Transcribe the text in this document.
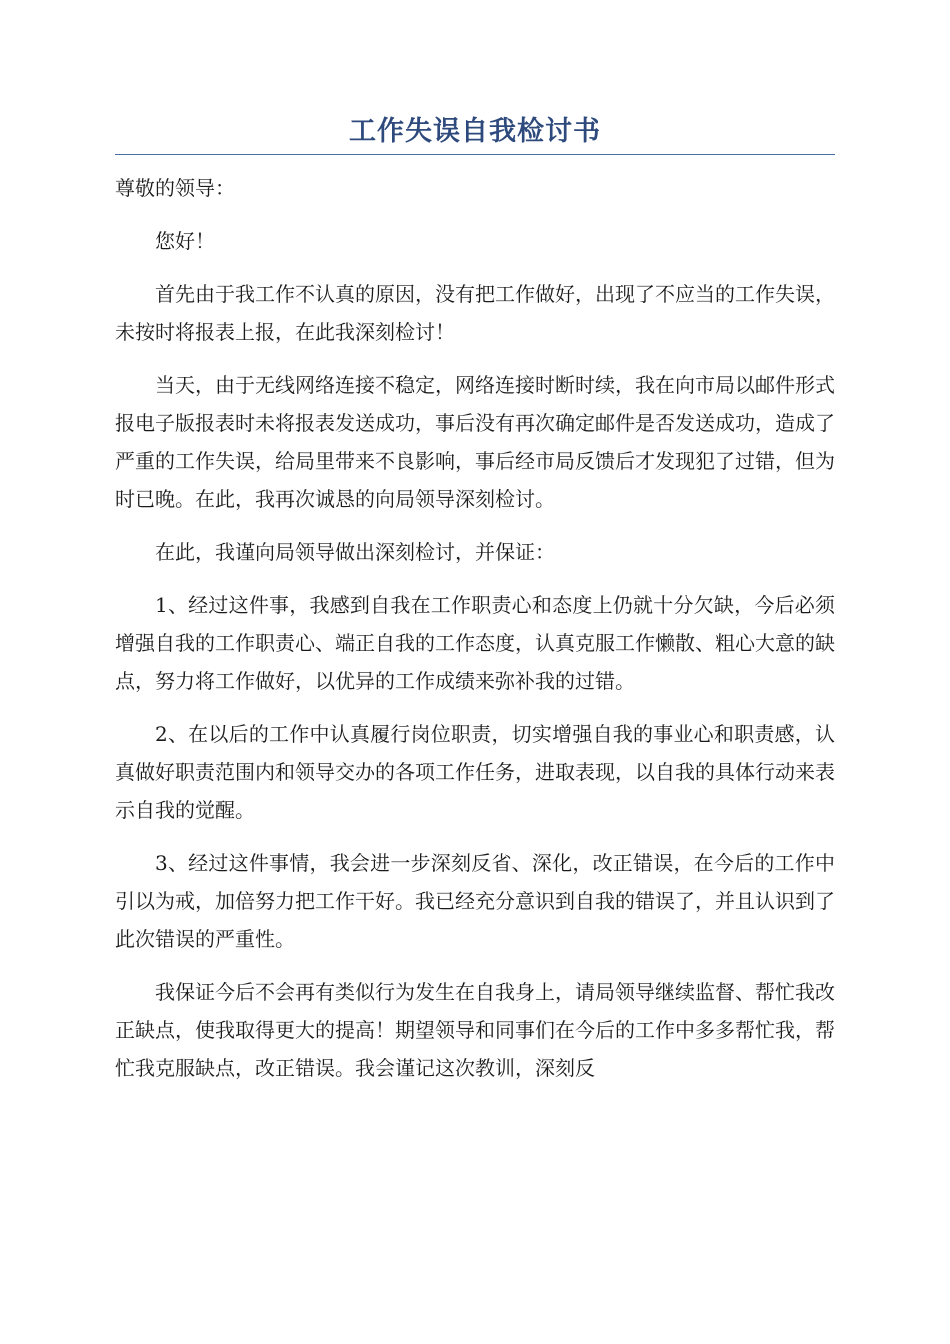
工作失误自我检讨书

尊敬的领导：

您好！

首先由于我工作不认真的原因，没有把工作做好，出现了不应当的工作失误，未按时将报表上报，在此我深刻检讨！

当天，由于无线网络连接不稳定，网络连接时断时续，我在向市局以邮件形式报电子版报表时未将报表发送成功，事后没有再次确定邮件是否发送成功，造成了严重的工作失误，给局里带来不良影响，事后经市局反馈后才发现犯了过错，但为时已晚。在此，我再次诚恳的向局领导深刻检讨。

在此，我谨向局领导做出深刻检讨，并保证：

1、经过这件事，我感到自我在工作职责心和态度上仍就十分欠缺，今后必须增强自我的工作职责心、端正自我的工作态度，认真克服工作懒散、粗心大意的缺点，努力将工作做好，以优异的工作成绩来弥补我的过错。

2、在以后的工作中认真履行岗位职责，切实增强自我的事业心和职责感，认真做好职责范围内和领导交办的各项工作任务，进取表现，以自我的具体行动来表示自我的觉醒。

3、经过这件事情，我会进一步深刻反省、深化，改正错误，在今后的工作中引以为戒，加倍努力把工作干好。我已经充分意识到自我的错误了，并且认识到了此次错误的严重性。

我保证今后不会再有类似行为发生在自我身上，请局领导继续监督、帮忙我改正缺点，使我取得更大的提高！期望领导和同事们在今后的工作中多多帮忙我，帮忙我克服缺点，改正错误。我会谨记这次教训，深刻反
